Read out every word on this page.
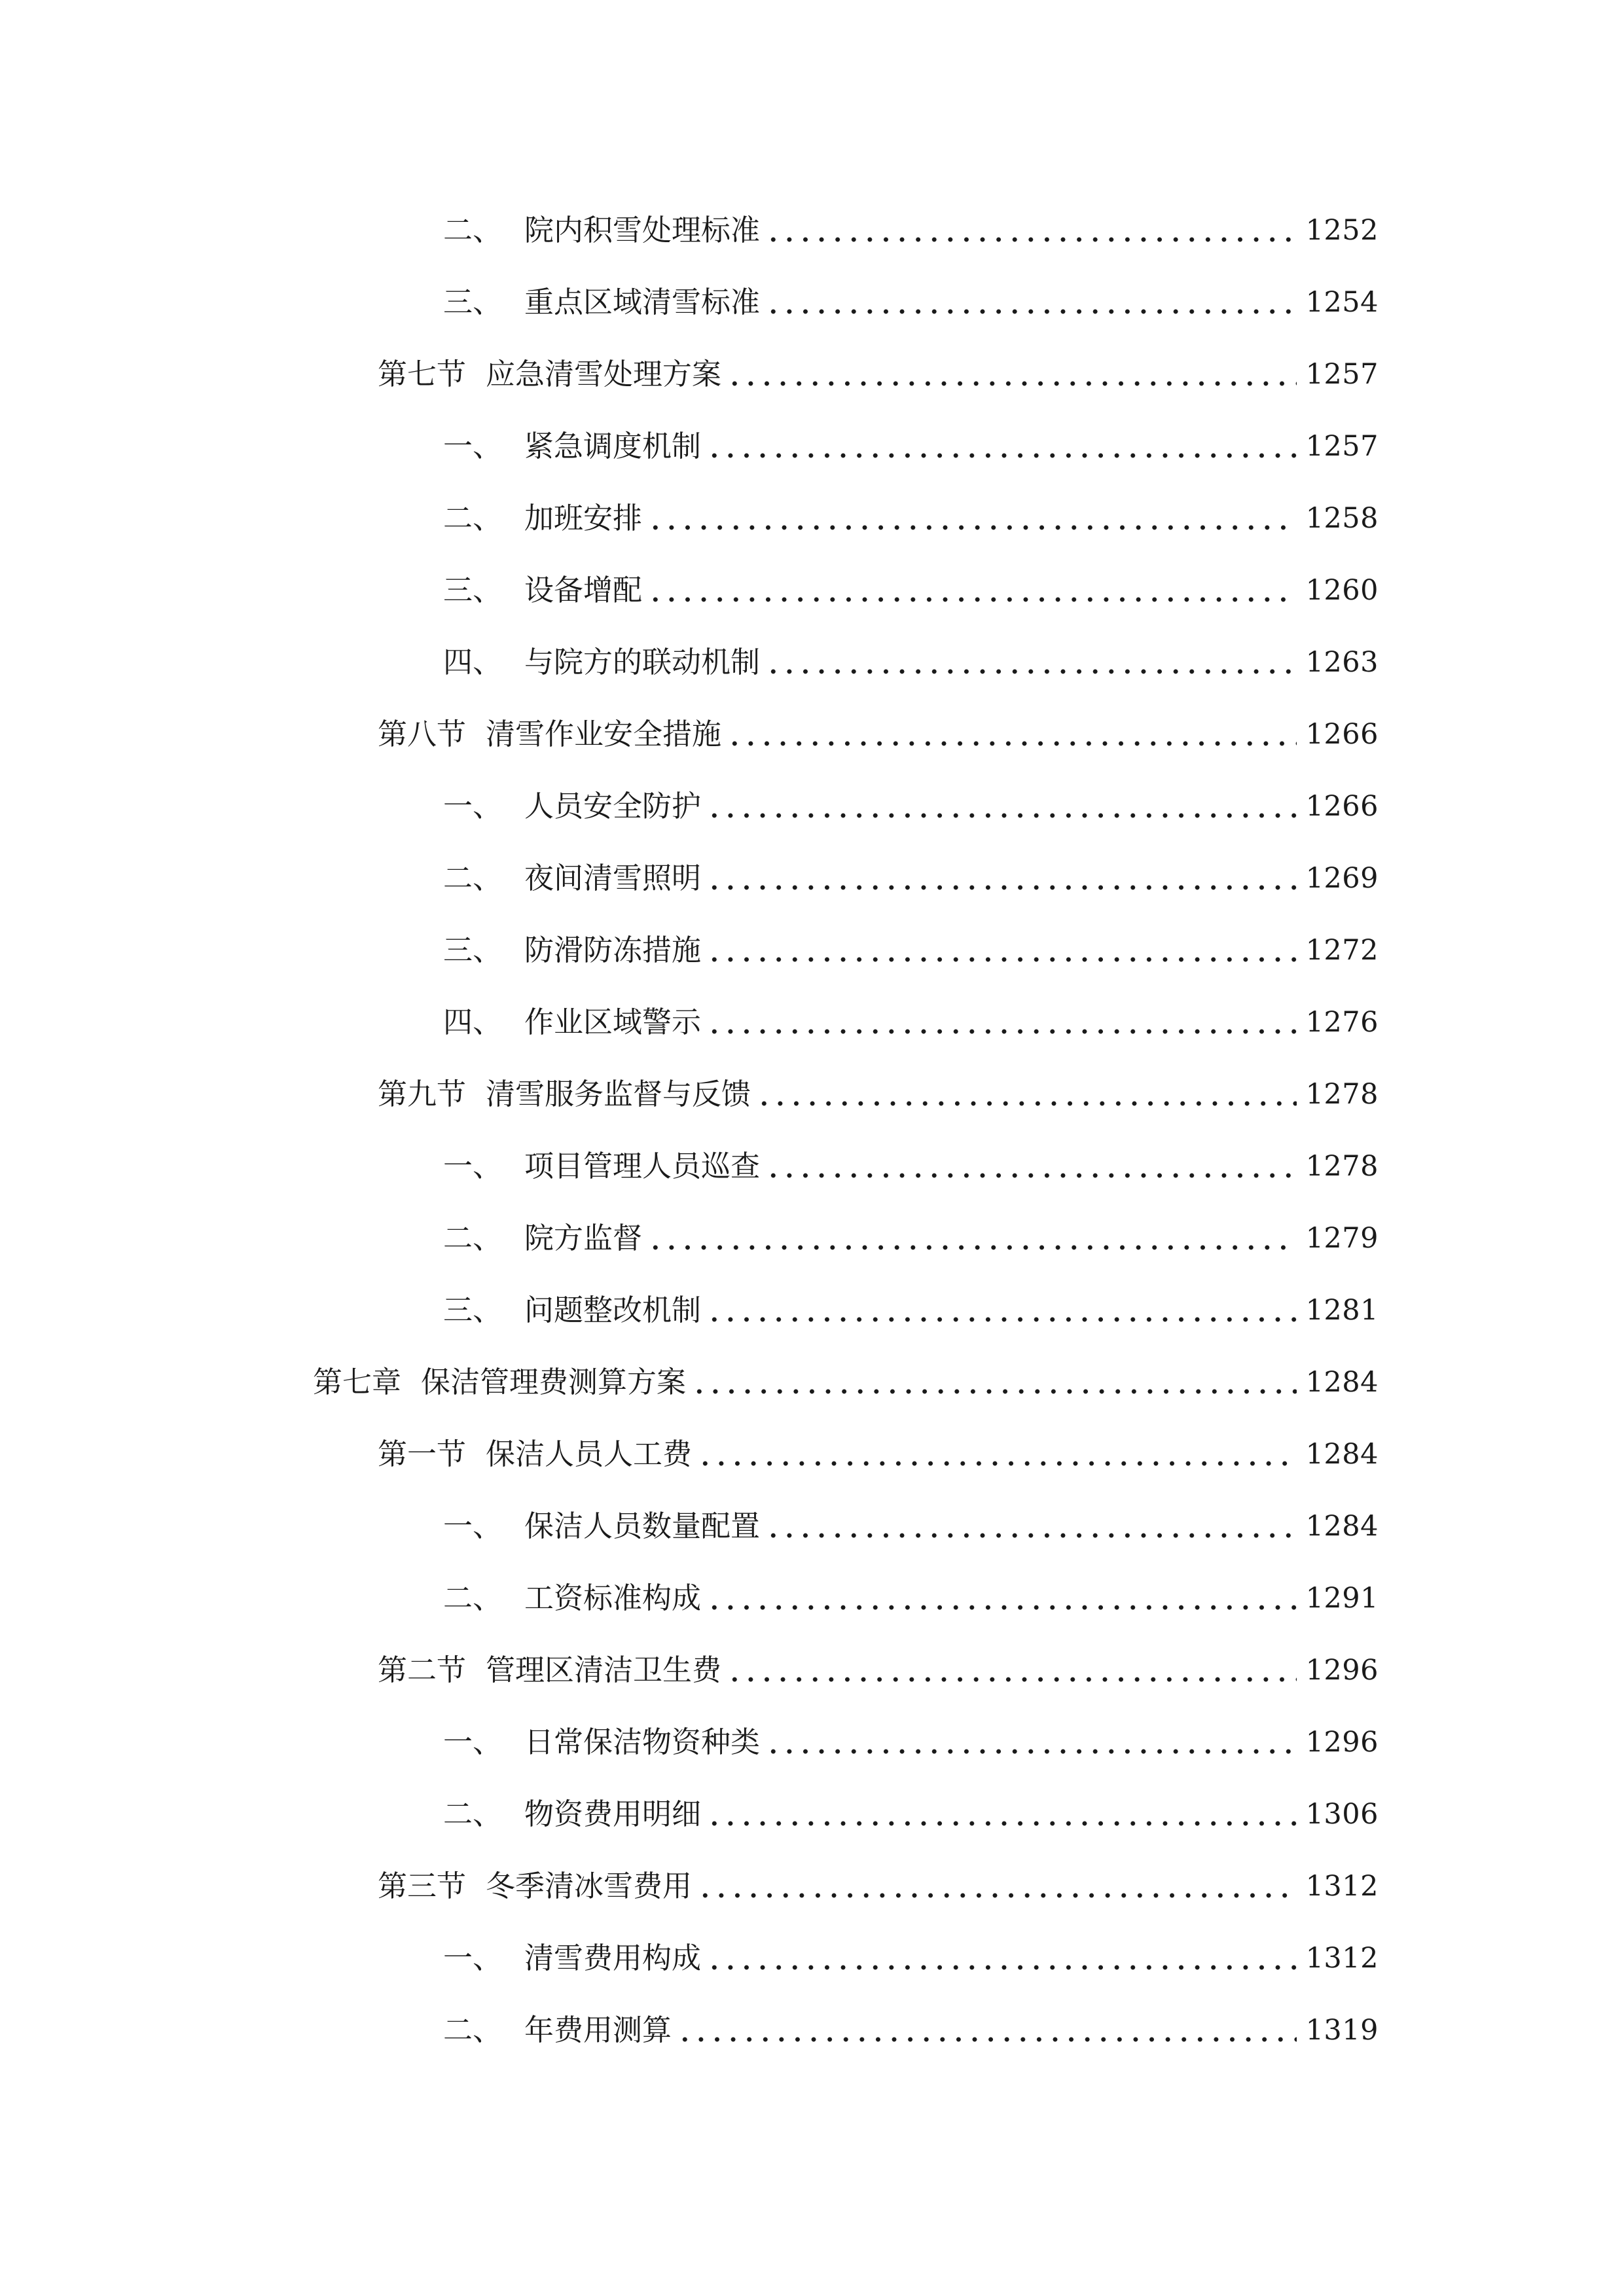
二、 院内积雪处理标准	1252
三、 重点区域清雪标准	1254
第七节 应急清雪处理方案	1257
一、 紧急调度机制	1257
二、 加班安排	1258
三、 设备增配	1260
四、 与院方的联动机制	1263
第八节 清雪作业安全措施	1266
一、 人员安全防护	1266
二、 夜间清雪照明	1269
三、 防滑防冻措施	1272
四、 作业区域警示	1276
第九节 清雪服务监督与反馈	1278
一、 项目管理人员巡查	1278
二、 院方监督	1279
三、 问题整改机制	1281
第七章 保洁管理费测算方案	1284
第一节 保洁人员人工费	1284
一、 保洁人员数量配置	1284
二、 工资标准构成	1291
第二节 管理区清洁卫生费	1296
一、 日常保洁物资种类	1296
二、 物资费用明细	1306
第三节 冬季清冰雪费用	1312
一、 清雪费用构成	1312
二、 年费用测算	1319
